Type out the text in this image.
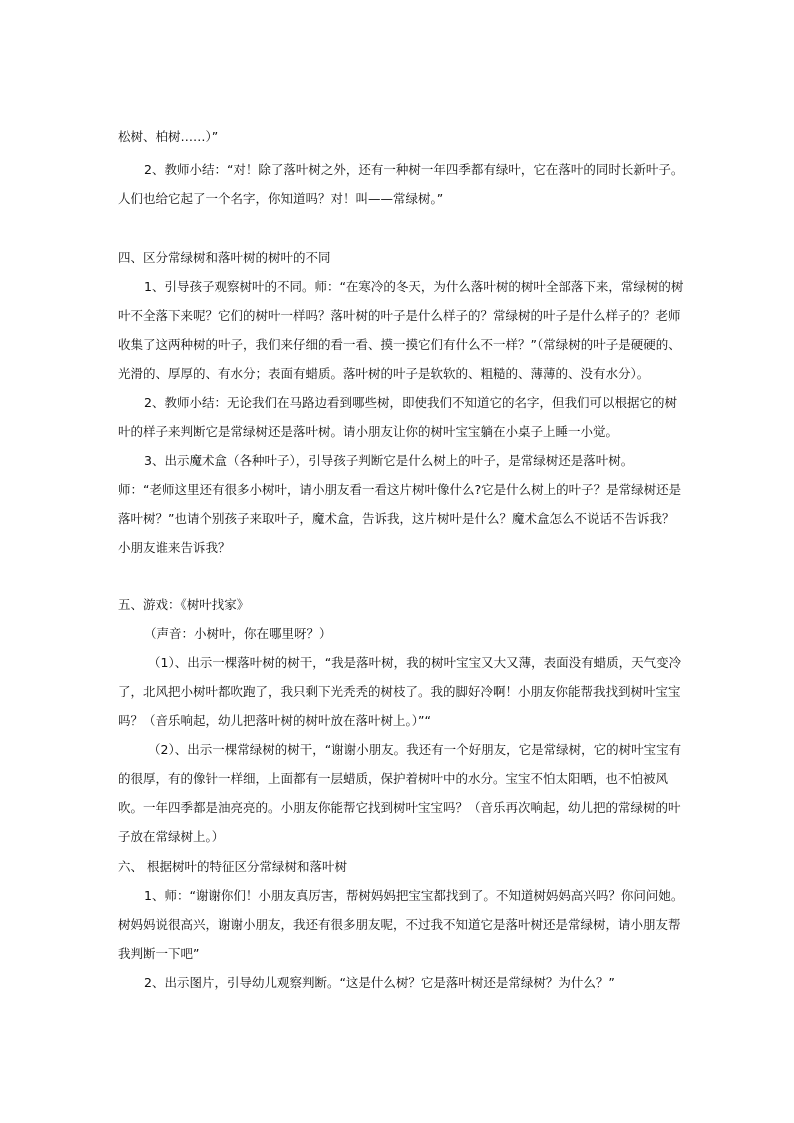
松树、柏树……）”

2、教师小结：“对！除了落叶树之外，还有一种树一年四季都有绿叶，它在落叶的同时长新叶子。人们也给它起了一个名字，你知道吗？对！叫——常绿树。”

四、区分常绿树和落叶树的树叶的不同

1、引导孩子观察树叶的不同。师：“在寒冷的冬天，为什么落叶树的树叶全部落下来，常绿树的树叶不全落下来呢？它们的树叶一样吗？落叶树的叶子是什么样子的？常绿树的叶子是什么样子的？老师收集了这两种树的叶子，我们来仔细的看一看、摸一摸它们有什么不一样？”（常绿树的叶子是硬硬的、光滑的、厚厚的、有水分；表面有蜡质。落叶树的叶子是软软的、粗糙的、薄薄的、没有水分）。

2、教师小结：无论我们在马路边看到哪些树，即使我们不知道它的名字，但我们可以根据它的树叶的样子来判断它是常绿树还是落叶树。请小朋友让你的树叶宝宝躺在小桌子上睡一小觉。

3、出示魔术盒（各种叶子），引导孩子判断它是什么树上的叶子，是常绿树还是落叶树。

师：“老师这里还有很多小树叶，请小朋友看一看这片树叶像什么?它是什么树上的叶子？是常绿树还是落叶树？”也请个别孩子来取叶子，魔术盒，告诉我，这片树叶是什么？魔术盒怎么不说话不告诉我？小朋友谁来告诉我？

五、游戏：《树叶找家》

（声音：小树叶，你在哪里呀？）

（1）、出示一棵落叶树的树干，“我是落叶树，我的树叶宝宝又大又薄，表面没有蜡质，天气变冷了，北风把小树叶都吹跑了，我只剩下光秃秃的树枝了。我的脚好冷啊！小朋友你能帮我找到树叶宝宝吗？（音乐响起，幼儿把落叶树的树叶放在落叶树上。）”“

（2）、出示一棵常绿树的树干，“谢谢小朋友。我还有一个好朋友，它是常绿树，它的树叶宝宝有的很厚，有的像针一样细，上面都有一层蜡质，保护着树叶中的水分。宝宝不怕太阳晒，也不怕被风吹。一年四季都是油亮亮的。小朋友你能帮它找到树叶宝宝吗？（音乐再次响起，幼儿把的常绿树的叶子放在常绿树上。）

六、 根据树叶的特征区分常绿树和落叶树

1、师：“谢谢你们！小朋友真厉害，帮树妈妈把宝宝都找到了。不知道树妈妈高兴吗？你问问她。树妈妈说很高兴，谢谢小朋友，我还有很多朋友呢，不过我不知道它是落叶树还是常绿树，请小朋友帮我判断一下吧”

2、出示图片，引导幼儿观察判断。“这是什么树？它是落叶树还是常绿树？为什么？”
